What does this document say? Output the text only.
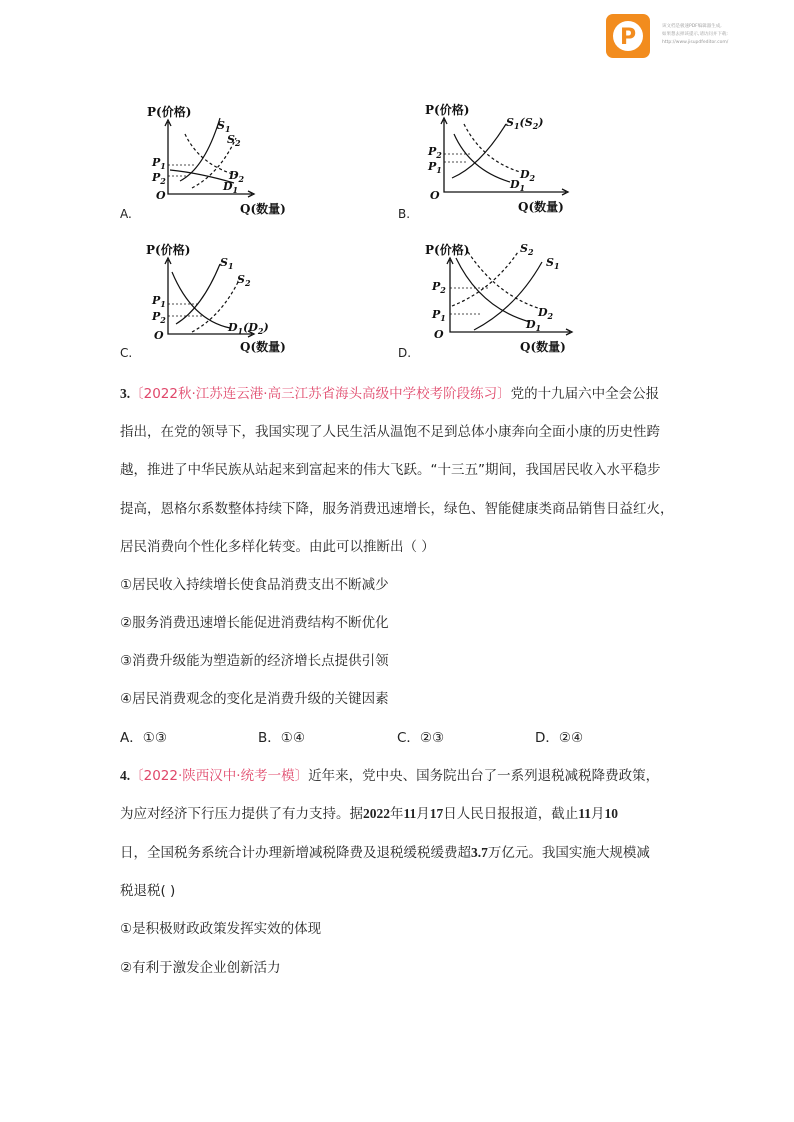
P	该文档是极速PDF编辑器生成,
如果想去掉该提示,请访问并下载:
http://www.jisupdfeditor.com/
P(价格)
O
Q(数量)
$S_1$
$S_2$
$D_2$
$D_1$
$P_1$
$P_2$
A.
P(价格)
O
Q(数量)
$S_1(S_2)$
$D_2$
$D_1$
$P_2$
$P_1$
B.
P(价格)
O
Q(数量)
$S_1$
$S_2$
$D_1(D_2)$
$P_1$
$P_2$
C.
P(价格)
O
Q(数量)
$S_1$
$S_2$
$D_2$
$D_1$
$P_2$
$P_1$
D.
3.〔2022秋·江苏连云港·高三江苏省海头高级中学校考阶段练习〕党的十九届六中全会公报
指出，在党的领导下，我国实现了人民生活从温饱不足到总体小康奔向全面小康的历史性跨
越，推进了中华民族从站起来到富起来的伟大飞跃。“十三五”期间，我国居民收入水平稳步
提高，恩格尔系数整体持续下降，服务消费迅速增长，绿色、智能健康类商品销售日益红火，
居民消费向个性化多样化转变。由此可以推断出（ ）
①居民收入持续增长使食品消费支出不断减少
②服务消费迅速增长能促进消费结构不断优化
③消费升级能为塑造新的经济增长点提供引领
④居民消费观念的变化是消费升级的关键因素
A．①③	B．①④	C．②③	D．②④
4.〔2022·陕西汉中·统考一模〕近年来，党中央、国务院出台了一系列退税减税降费政策，
为应对经济下行压力提供了有力支持。据2022年11月17日人民日报报道，截止11月10
日，全国税务系统合计办理新增减税降费及退税缓税缓费超3.7万亿元。我国实施大规模减
税退税( )
①是积极财政政策发挥实效的体现
②有利于激发企业创新活力
